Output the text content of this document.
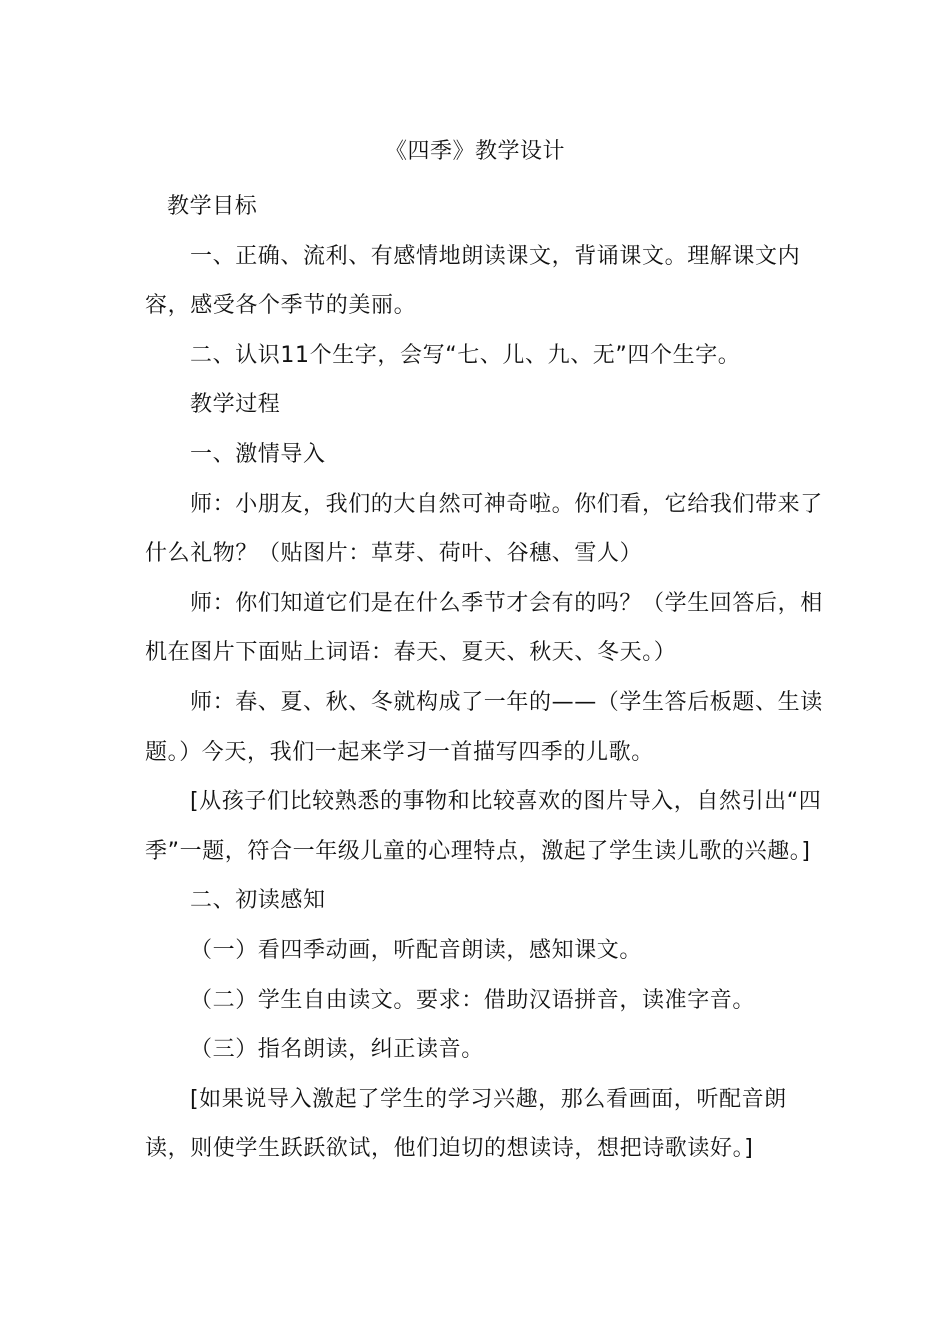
《四季》教学设计

教学目标

一、正确、流利、有感情地朗读课文，背诵课文。理解课文内容，感受各个季节的美丽。

二、认识11个生字，会写“七、儿、九、无”四个生字。

教学过程

一、激情导入

师：小朋友，我们的大自然可神奇啦。你们看，它给我们带来了什么礼物？（贴图片：草芽、荷叶、谷穗、雪人）

师：你们知道它们是在什么季节才会有的吗？（学生回答后，相机在图片下面贴上词语：春天、夏天、秋天、冬天。）

师：春、夏、秋、冬就构成了一年的——（学生答后板题、生读题。）今天，我们一起来学习一首描写四季的儿歌。

[从孩子们比较熟悉的事物和比较喜欢的图片导入，自然引出“四季”一题，符合一年级儿童的心理特点，激起了学生读儿歌的兴趣。]

二、初读感知

（一）看四季动画，听配音朗读，感知课文。

（二）学生自由读文。要求：借助汉语拼音，读准字音。

（三）指名朗读，纠正读音。

[如果说导入激起了学生的学习兴趣，那么看画面，听配音朗读，则使学生跃跃欲试，他们迫切的想读诗，想把诗歌读好。]
